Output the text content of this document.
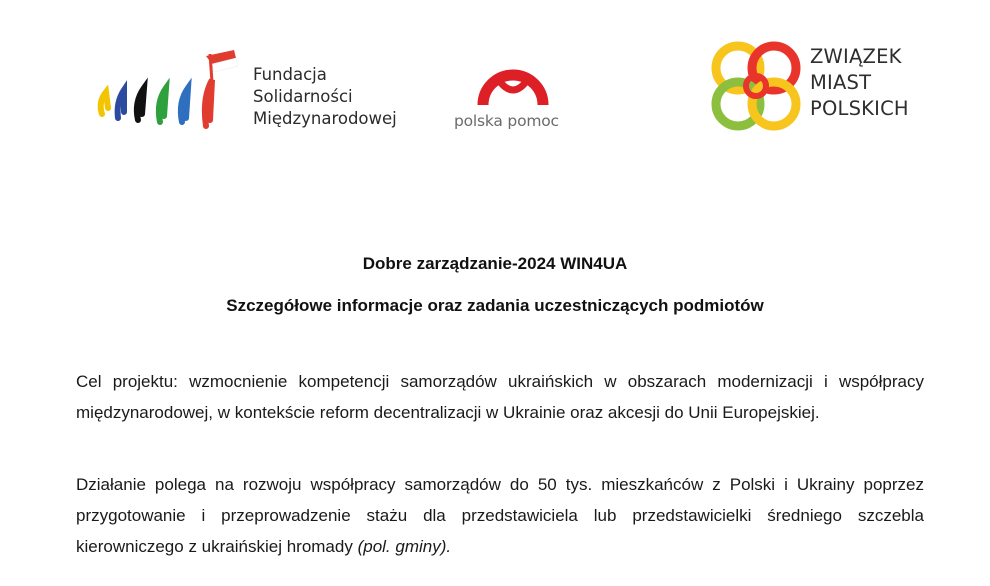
Fundacja
Solidarności
Międzynarodowej	polska pomoc
ZWIĄZEK
MIAST
POLSKICH
Dobre zarządzanie-2024 WIN4UA
Szczegółowe informacje oraz zadania uczestniczących podmiotów
Cel projektu: wzmocnienie kompetencji samorządów ukraińskich w obszarach modernizacji i współpracy międzynarodowej, w kontekście reform decentralizacji w Ukrainie oraz akcesji do Unii Europejskiej.
Działanie polega na rozwoju współpracy samorządów do 50 tys. mieszkańców z Polski i Ukrainy poprzez przygotowanie i przeprowadzenie stażu dla przedstawiciela lub przedstawicielki średniego szczebla kierowniczego z ukraińskiej hromady (pol. gminy).
